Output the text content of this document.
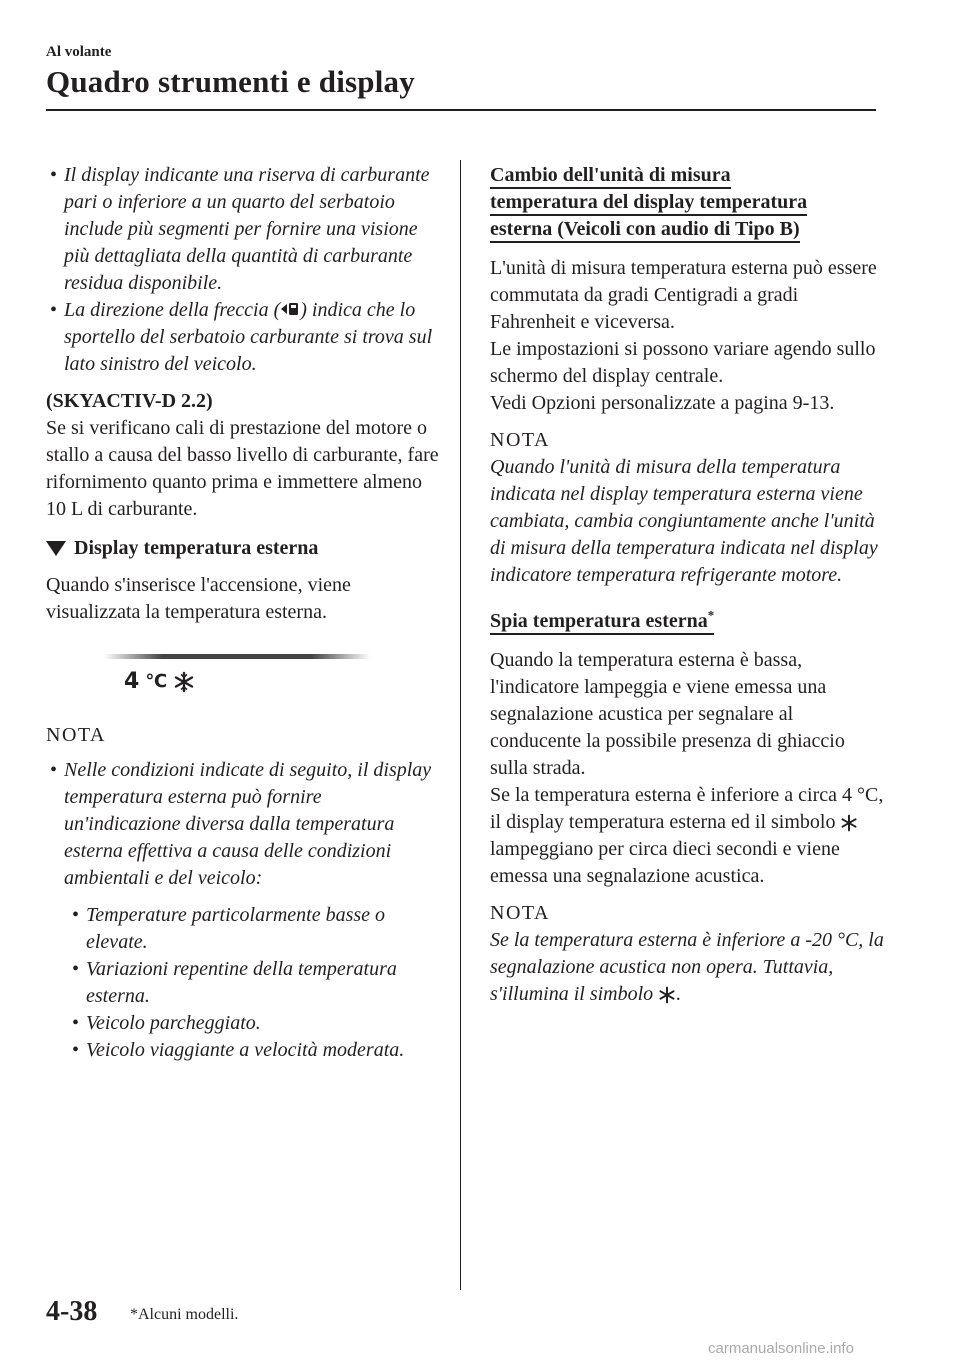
Al volante
Quadro strumenti e display
• Il display indicante una riserva di carburante pari o inferiore a un quarto del serbatoio include più segmenti per fornire una visione più dettagliata della quantità di carburante residua disponibile.
• La direzione della freccia ( ) indica che lo sportello del serbatoio carburante si trova sul lato sinistro del veicolo.
(SKYACTIV-D 2.2)
Se si verificano cali di prestazione del motore o stallo a causa del basso livello di carburante, fare rifornimento quanto prima e immettere almeno 10 L di carburante.
Display temperatura esterna
Quando s'inserisce l'accensione, viene visualizzata la temperatura esterna.
4 ℃
NOTA
• Nelle condizioni indicate di seguito, il display temperatura esterna può fornire un'indicazione diversa dalla temperatura esterna effettiva a causa delle condizioni ambientali e del veicolo:
• Temperature particolarmente basse o elevate.
• Variazioni repentine della temperatura esterna.
• Veicolo parcheggiato.
• Veicolo viaggiante a velocità moderata.
Cambio dell'unità di misura
temperatura del display temperatura
esterna (Veicoli con audio di Tipo B)
L'unità di misura temperatura esterna può essere commutata da gradi Centigradi a gradi Fahrenheit e viceversa.
Le impostazioni si possono variare agendo sullo schermo del display centrale.
Vedi Opzioni personalizzate a pagina 9-13.
NOTA
Quando l'unità di misura della temperatura indicata nel display temperatura esterna viene cambiata, cambia congiuntamente anche l'unità di misura della temperatura indicata nel display indicatore temperatura refrigerante motore.
Spia temperatura esterna*
Quando la temperatura esterna è bassa, l'indicatore lampeggia e viene emessa una segnalazione acustica per segnalare al conducente la possibile presenza di ghiaccio sulla strada.
Se la temperatura esterna è inferiore a circa 4 °C, il display temperatura esterna ed il simbolo  lampeggiano per circa dieci secondi e viene emessa una segnalazione acustica.
NOTA
Se la temperatura esterna è inferiore a -20 °C, la segnalazione acustica non opera. Tuttavia, s'illumina il simbolo .
4-38 *Alcuni modelli.
carmanualsonline.info
